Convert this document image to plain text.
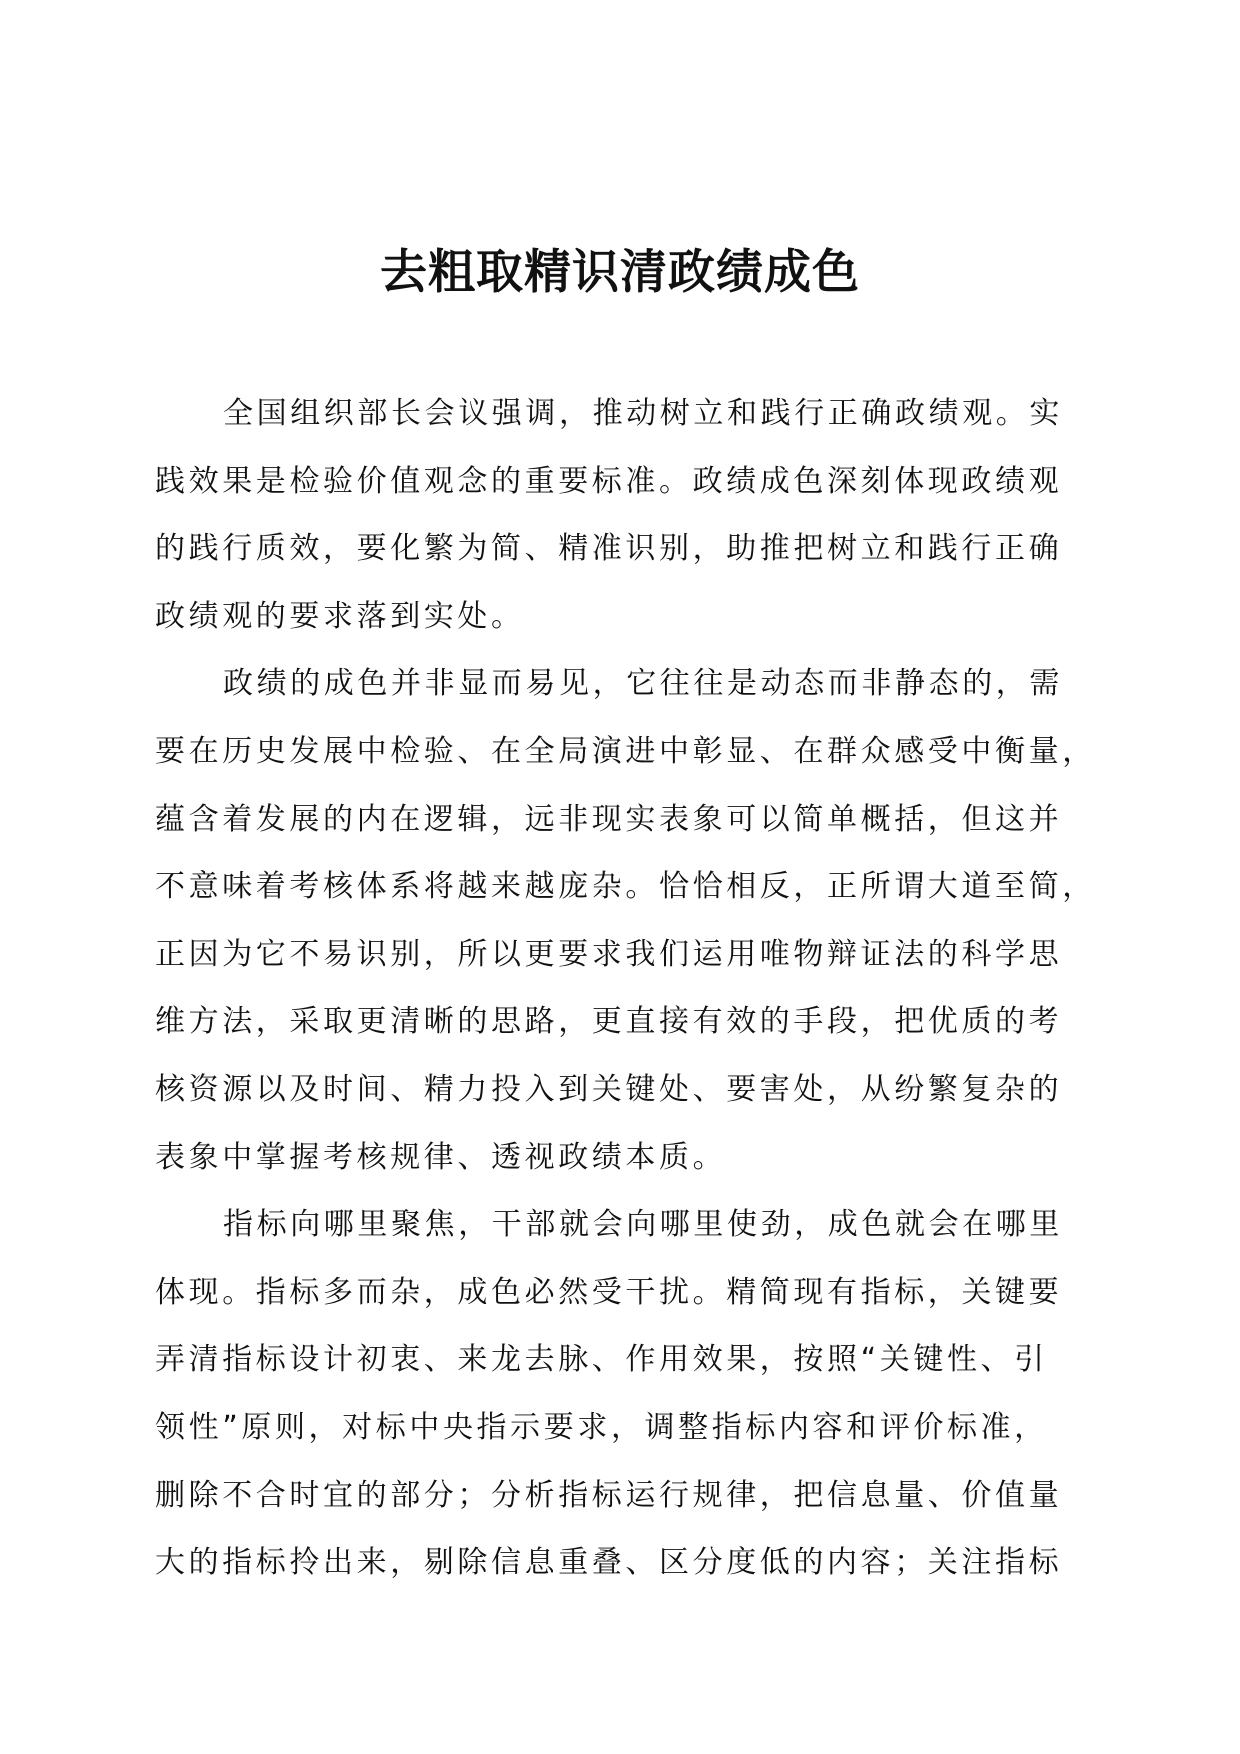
去粗取精识清政绩成色
全国组织部长会议强调，推动树立和践行正确政绩观。实
践效果是检验价值观念的重要标准。政绩成色深刻体现政绩观
的践行质效，要化繁为简、精准识别，助推把树立和践行正确
政绩观的要求落到实处。
政绩的成色并非显而易见，它往往是动态而非静态的，需
要在历史发展中检验、在全局演进中彰显、在群众感受中衡量，
蕴含着发展的内在逻辑，远非现实表象可以简单概括，但这并
不意味着考核体系将越来越庞杂。恰恰相反，正所谓大道至简，
正因为它不易识别，所以更要求我们运用唯物辩证法的科学思
维方法，采取更清晰的思路，更直接有效的手段，把优质的考
核资源以及时间、精力投入到关键处、要害处，从纷繁复杂的
表象中掌握考核规律、透视政绩本质。
指标向哪里聚焦，干部就会向哪里使劲，成色就会在哪里
体现。指标多而杂，成色必然受干扰。精简现有指标，关键要
弄清指标设计初衷、来龙去脉、作用效果，按照“关键性、引
领性”原则，对标中央指示要求，调整指标内容和评价标准，
删除不合时宜的部分；分析指标运行规律，把信息量、价值量
大的指标拎出来，剔除信息重叠、区分度低的内容；关注指标
